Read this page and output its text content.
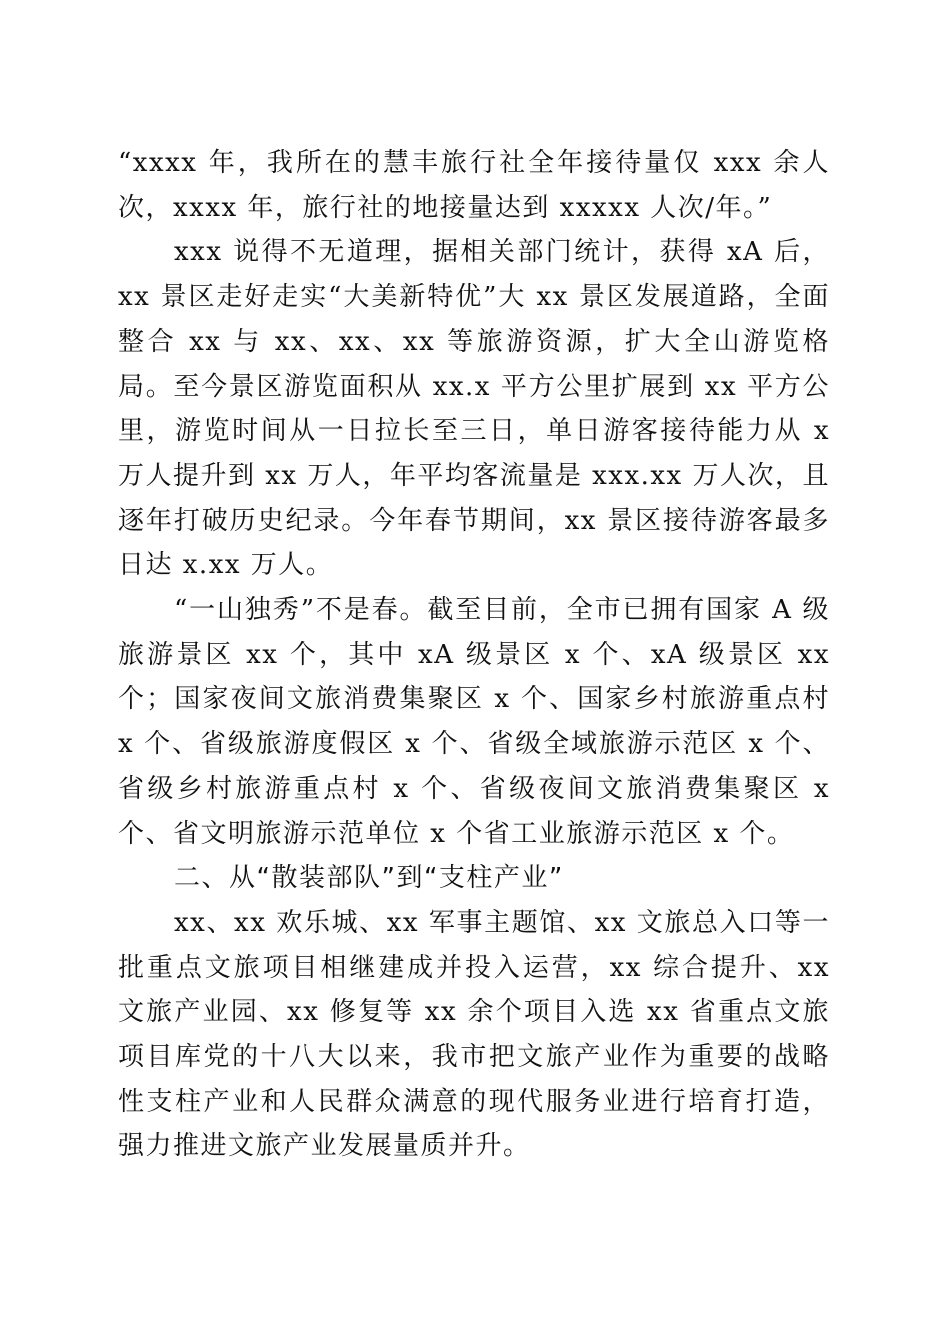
“xxxx 年，我所在的慧丰旅行社全年接待量仅 xxx 余人次，xxxx 年，旅行社的地接量达到 xxxxx 人次/年。”

xxx 说得不无道理，据相关部门统计，获得 xA 后，xx 景区走好走实“大美新特优”大 xx 景区发展道路，全面整合 xx 与 xx、xx、xx 等旅游资源，扩大全山游览格局。至今景区游览面积从 xx.x 平方公里扩展到 xx 平方公里，游览时间从一日拉长至三日，单日游客接待能力从 x 万人提升到 xx 万人，年平均客流量是 xxx.xx 万人次，且逐年打破历史纪录。今年春节期间，xx 景区接待游客最多日达 x.xx 万人。

“一山独秀”不是春。截至目前，全市已拥有国家 A 级旅游景区 xx 个，其中 xA 级景区 x 个、xA 级景区 xx 个；国家夜间文旅消费集聚区 x 个、国家乡村旅游重点村 x 个、省级旅游度假区 x 个、省级全域旅游示范区 x 个、省级乡村旅游重点村 x 个、省级夜间文旅消费集聚区 x 个、省文明旅游示范单位 x 个省工业旅游示范区 x 个。

二、从“散装部队”到“支柱产业”

xx、xx 欢乐城、xx 军事主题馆、xx 文旅总入口等一批重点文旅项目相继建成并投入运营，xx 综合提升、xx 文旅产业园、xx 修复等 xx 余个项目入选 xx 省重点文旅项目库党的十八大以来，我市把文旅产业作为重要的战略性支柱产业和人民群众满意的现代服务业进行培育打造，强力推进文旅产业发展量质并升。
